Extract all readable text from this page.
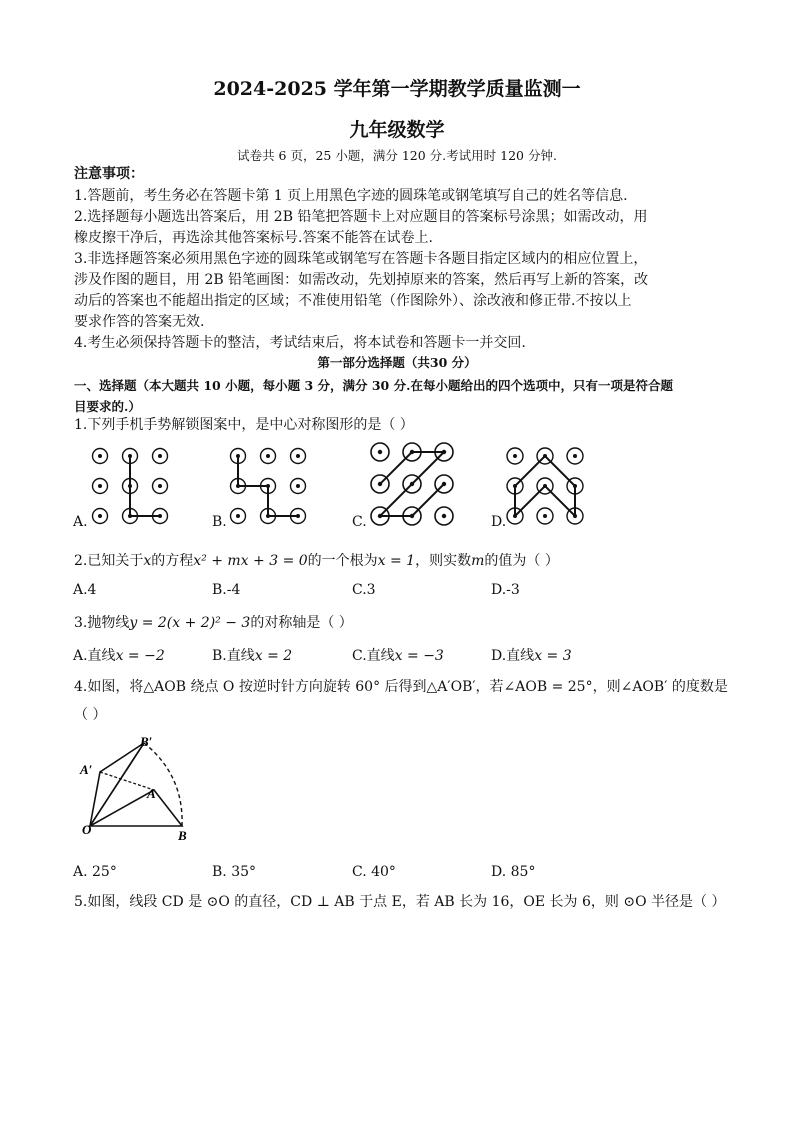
2024-2025 学年第一学期教学质量监测一
九年级数学
试卷共 6 页，25 小题，满分 120 分.考试用时 120 分钟.
注意事项：
1.答题前，考生务必在答题卡第 1 页上用黑色字迹的圆珠笔或钢笔填写自己的姓名等信息.
2.选择题每小题选出答案后，用 2B 铅笔把答题卡上对应题目的答案标号涂黑；如需改动，用
橡皮擦干净后，再选涂其他答案标号.答案不能答在试卷上.
3.非选择题答案必须用黑色字迹的圆珠笔或钢笔写在答题卡各题目指定区域内的相应位置上，
涉及作图的题目，用 2B 铅笔画图：如需改动，先划掉原来的答案，然后再写上新的答案，改
动后的答案也不能超出指定的区域；不准使用铅笔（作图除外）、涂改液和修正带.不按以上
要求作答的答案无效.
4.考生必须保持答题卡的整洁，考试结束后，将本试卷和答题卡一并交回.
第一部分选择题（共30 分）
一、选择题（本大题共 10 小题，每小题 3 分，满分 30 分.在每小题给出的四个选项中，只有一项是符合题
目要求的.）
1.下列手机手势解锁图案中，是中心对称图形的是（ ）
A.	B.	C.	D.
2.已知关于x的方程x² + mx + 3 = 0的一个根为x = 1，则实数m的值为（ ）
A.4	B.-4	C.3	D.-3
3.抛物线y = 2(x + 2)² − 3的对称轴是（ ）
A.直线x = −2	B.直线x = 2	C.直线x = −3	D.直线x = 3
4.如图，将△AOB 绕点 O 按逆时针方向旋转 60° 后得到△A′OB′，若∠AOB = 25°，则∠AOB′ 的度数是
（ ）
B′
A′
A
O	B
A. 25°	B. 35°	C. 40°	D. 85°
5.如图，线段 CD 是 ⊙O 的直径，CD ⊥ AB 于点 E，若 AB 长为 16，OE 长为 6，则 ⊙O 半径是（ ）
